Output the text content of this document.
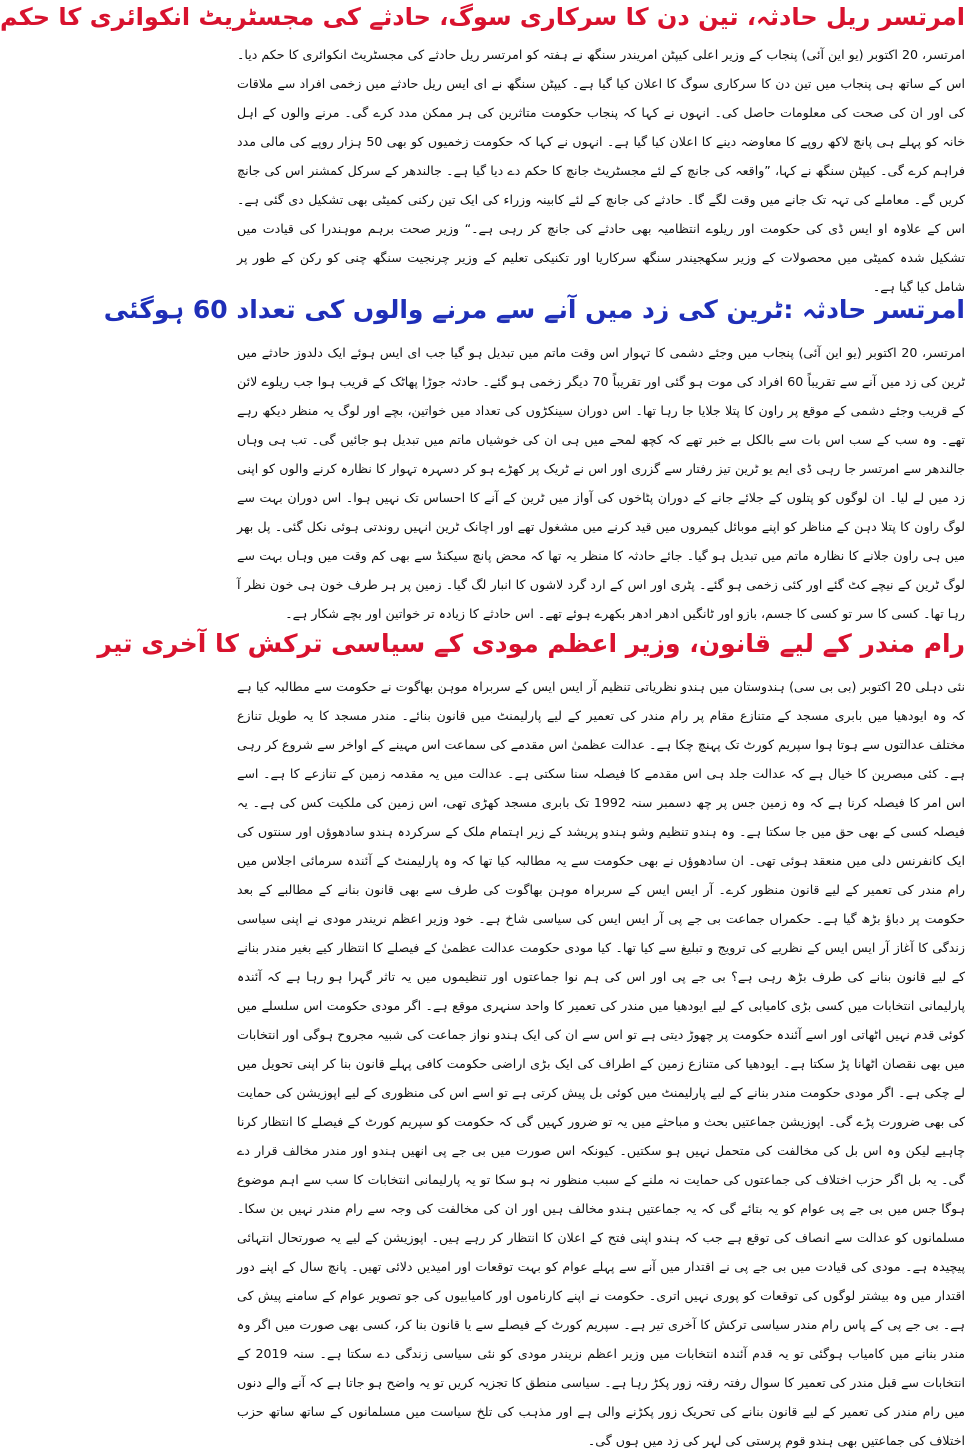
امرتسر ریل حادثہ، تین دن کا سرکاری سوگ، حادثے کی مجسٹریٹ انکوائری کا حکم

امرتسر، 20 اکتوبر (یو این آئی) پنجاب کے وزیر اعلی کیپٹن امریندر سنگھ نے ہفتہ کو امرتسر ریل حادثے کی مجسٹریٹ انکوائری کا حکم دیا۔ اس کے ساتھ ہی پنجاب میں تین دن کا سرکاری سوگ کا اعلان کیا گیا ہے۔ کیپٹن سنگھ نے ای ایس ریل حادثے میں زخمی افراد سے ملاقات کی اور ان کی صحت کی معلومات حاصل کی۔ انہوں نے کہا کہ پنجاب حکومت متاثرین کی ہر ممکن مدد کرے گی۔ مرنے والوں کے اہل خانہ کو پہلے ہی پانچ لاکھ روپے کا معاوضہ دینے کا اعلان کیا گیا ہے۔ انہوں نے کہا کہ حکومت زخمیوں کو بھی 50 ہزار روپے کی مالی مدد فراہم کرے گی۔ کیپٹن سنگھ نے کہا، ”واقعہ کی جانچ کے لئے مجسٹریٹ جانچ کا حکم دے دیا گیا ہے۔ جالندھر کے سرکل کمشنر اس کی جانچ کریں گے۔ معاملے کی تہہ تک جانے میں وقت لگے گا۔ حادثے کی جانچ کے لئے کابینہ وزراء کی ایک تین رکنی کمیٹی بھی تشکیل دی گئی ہے۔ اس کے علاوہ او ایس ڈی کی حکومت اور ریلوے انتظامیہ بھی حادثے کی جانچ کر رہی ہے۔“ وزیر صحت برہم موہندرا کی قیادت میں تشکیل شدہ کمیٹی میں محصولات کے وزیر سکھجیندر سنگھ سرکاریا اور تکنیکی تعلیم کے وزیر چرنجیت سنگھ چنی کو رکن کے طور پر شامل کیا گیا ہے۔

امرتسر حادثہ :ٹرین کی زد میں آنے سے مرنے والوں کی تعداد 60 ہوگئی

امرتسر، 20 اکتوبر (یو این آئی) پنجاب میں وجئے دشمی کا تہوار اس وقت ماتم میں تبدیل ہو گیا جب ای ایس ہوئے ایک دلدوز حادثے میں ٹرین کی زد میں آنے سے تقریباً 60 افراد کی موت ہو گئی اور تقریباً 70 دیگر زخمی ہو گئے۔ حادثہ جوڑا پھاٹک کے قریب ہوا جب ریلوے لائن کے قریب وجئے دشمی کے موقع پر راون کا پتلا جلایا جا رہا تھا۔ اس دوران سینکڑوں کی تعداد میں خواتین، بچے اور لوگ یہ منظر دیکھ رہے تھے۔ وہ سب کے سب اس بات سے بالکل بے خبر تھے کہ کچھ لمحے میں ہی ان کی خوشیاں ماتم میں تبدیل ہو جائیں گی۔ تب ہی وہاں جالندھر سے امرتسر جا رہی ڈی ایم یو ٹرین تیز رفتار سے گزری اور اس نے ٹریک پر کھڑے ہو کر دسہرہ تہوار کا نظارہ کرنے والوں کو اپنی زد میں لے لیا۔ ان لوگوں کو پتلوں کے جلائے جانے کے دوران پٹاخوں کی آواز میں ٹرین کے آنے کا احساس تک نہیں ہوا۔ اس دوران بہت سے لوگ راون کا پتلا دہن کے مناظر کو اپنے موبائل کیمروں میں قید کرنے میں مشغول تھے اور اچانک ٹرین انہیں روندتی ہوئی نکل گئی۔ پل بھر میں ہی راون جلانے کا نظارہ ماتم میں تبدیل ہو گیا۔ جائے حادثہ کا منظر یہ تھا کہ محض پانچ سیکنڈ سے بھی کم وقت میں وہاں بہت سے لوگ ٹرین کے نیچے کٹ گئے اور کئی زخمی ہو گئے۔ پٹری اور اس کے ارد گرد لاشوں کا انبار لگ گیا۔ زمین پر ہر طرف خون ہی خون نظر آ رہا تھا۔ کسی کا سر تو کسی کا جسم، بازو اور ٹانگیں ادھر ادھر بکھرے ہوئے تھے۔ اس حادثے کا زیادہ تر خواتین اور بچے شکار ہے۔

رام مندر کے لیے قانون، وزیر اعظم مودی کے سیاسی ترکش کا آخری تیر

نئی دہلی 20 اکتوبر (بی بی سی) ہندوستان میں ہندو نظریاتی تنظیم آر ایس ایس کے سربراہ موہن بھاگوت نے حکومت سے مطالبہ کیا ہے کہ وہ ایودھیا میں بابری مسجد کے متنازع مقام پر رام مندر کی تعمیر کے لیے پارلیمنٹ میں قانون بنائے۔ مندر مسجد کا یہ طویل تنازع مختلف عدالتوں سے ہوتا ہوا سپریم کورٹ تک پہنچ چکا ہے۔ عدالت عظمیٰ اس مقدمے کی سماعت اس مہینے کے اواخر سے شروع کر رہی ہے۔ کئی مبصرین کا خیال ہے کہ عدالت جلد ہی اس مقدمے کا فیصلہ سنا سکتی ہے۔ عدالت میں یہ مقدمہ زمین کے تنازعے کا ہے۔ اسے اس امر کا فیصلہ کرنا ہے کہ وہ زمین جس پر چھ دسمبر سنہ 1992 تک بابری مسجد کھڑی تھی، اس زمین کی ملکیت کس کی ہے۔ یہ فیصلہ کسی کے بھی حق میں جا سکتا ہے۔ وہ ہندو تنظیم وشو ہندو پریشد کے زیر اہتمام ملک کے سرکردہ ہندو سادھوؤں اور سنتوں کی ایک کانفرنس دلی میں منعقد ہوئی تھی۔ ان سادھوؤں نے بھی حکومت سے یہ مطالبہ کیا تھا کہ وہ پارلیمنٹ کے آئندہ سرمائی اجلاس میں رام مندر کی تعمیر کے لیے قانون منظور کرے۔ آر ایس ایس کے سربراہ موہن بھاگوت کی طرف سے بھی قانون بنانے کے مطالبے کے بعد حکومت پر دباؤ بڑھ گیا ہے۔ حکمراں جماعت بی جے پی آر ایس ایس کی سیاسی شاخ ہے۔ خود وزیر اعظم نریندر مودی نے اپنی سیاسی زندگی کا آغاز آر ایس ایس کے نظریے کی ترویج و تبلیغ سے کیا تھا۔ کیا مودی حکومت عدالت عظمیٰ کے فیصلے کا انتظار کیے بغیر مندر بنانے کے لیے قانون بنانے کی طرف بڑھ رہی ہے؟ بی جے پی اور اس کی ہم نوا جماعتوں اور تنظیموں میں یہ تاثر گہرا ہو رہا ہے کہ آئندہ پارلیمانی انتخابات میں کسی بڑی کامیابی کے لیے ایودھیا میں مندر کی تعمیر کا واحد سنہری موقع ہے۔ اگر مودی حکومت اس سلسلے میں کوئی قدم نہیں اٹھاتی اور اسے آئندہ حکومت پر چھوڑ دیتی ہے تو اس سے ان کی ایک ہندو نواز جماعت کی شبیہ مجروح ہوگی اور انتخابات میں بھی نقصان اٹھانا پڑ سکتا ہے۔ ایودھیا کی متنازع زمین کے اطراف کی ایک بڑی اراضی حکومت کافی پہلے قانون بنا کر اپنی تحویل میں لے چکی ہے۔ اگر مودی حکومت مندر بنانے کے لیے پارلیمنٹ میں کوئی بل پیش کرتی ہے تو اسے اس کی منظوری کے لیے اپوزیشن کی حمایت کی بھی ضرورت پڑے گی۔ اپوزیشن جماعتیں بحث و مباحثے میں یہ تو ضرور کہیں گی کہ حکومت کو سپریم کورٹ کے فیصلے کا انتظار کرنا چاہیے لیکن وہ اس بل کی مخالفت کی متحمل نہیں ہو سکتیں۔ کیونکہ اس صورت میں بی جے پی انھیں ہندو اور مندر مخالف قرار دے گی۔ یہ بل اگر حزب اختلاف کی جماعتوں کی حمایت نہ ملنے کے سبب منظور نہ ہو سکا تو یہ پارلیمانی انتخابات کا سب سے اہم موضوع ہوگا جس میں بی جے پی عوام کو یہ بتائے گی کہ یہ جماعتیں ہندو مخالف ہیں اور ان کی مخالفت کی وجہ سے رام مندر نہیں بن سکا۔ مسلمانوں کو عدالت سے انصاف کی توقع ہے جب کہ ہندو اپنی فتح کے اعلان کا انتظار کر رہے ہیں۔ اپوزیشن کے لیے یہ صورتحال انتہائی پیچیدہ ہے۔ مودی کی قیادت میں بی جے پی نے اقتدار میں آنے سے پہلے عوام کو بہت توقعات اور امیدیں دلائی تھیں۔ پانچ سال کے اپنے دور اقتدار میں وہ بیشتر لوگوں کی توقعات کو پوری نہیں اتری۔ حکومت نے اپنے کارناموں اور کامیابیوں کی جو تصویر عوام کے سامنے پیش کی ہے۔ بی جے پی کے پاس رام مندر سیاسی ترکش کا آخری تیر ہے۔ سپریم کورٹ کے فیصلے سے یا قانون بنا کر، کسی بھی صورت میں اگر وہ مندر بنانے میں کامیاب ہوگئی تو یہ قدم آئندہ انتخابات میں وزیر اعظم نریندر مودی کو نئی سیاسی زندگی دے سکتا ہے۔ سنہ 2019 کے انتخابات سے قبل مندر کی تعمیر کا سوال رفتہ رفتہ زور پکڑ رہا ہے۔ سیاسی منطق کا تجزیہ کریں تو یہ واضح ہو جاتا ہے کہ آنے والے دنوں میں رام مندر کی تعمیر کے لیے قانون بنانے کی تحریک زور پکڑنے والی ہے اور مذہب کی تلخ سیاست میں مسلمانوں کے ساتھ ساتھ حزب اختلاف کی جماعتیں بھی ہندو قوم پرستی کی لہر کی زد میں ہوں گی۔
